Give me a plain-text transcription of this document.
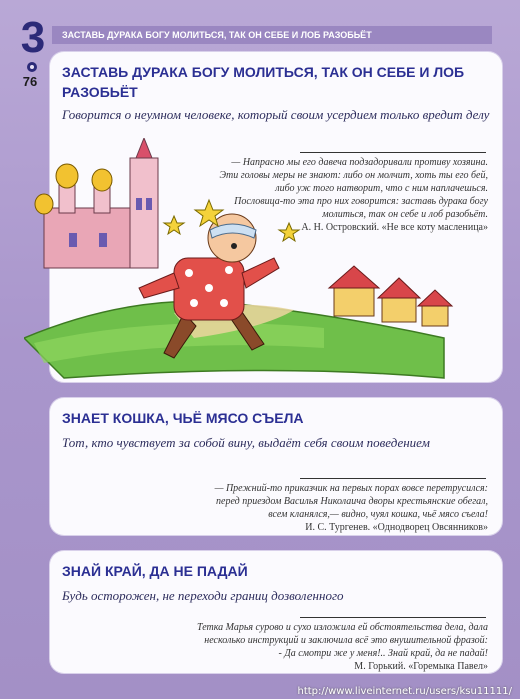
ЗАСТАВЬ ДУРАКА БОГУ МОЛИТЬСЯ, ТАК ОН СЕБЕ И ЛОБ РАЗОБЬЁТ
3
76
ЗАСТАВЬ ДУРАКА БОГУ МОЛИТЬСЯ, ТАК ОН СЕБЕ И ЛОБ РАЗОБЬЁТ

Говорится о неумном человеке, который своим усердием только вредит делу

— Напрасно мы его давеча подзадоривали противу хозяина.
Эти головы меры не знают: либо он молчит, хоть ты его бей,
либо уж того натворит, что с ним наплачешься.
Пословица-то эта про них говорится: заставь дурака богу
молиться, так он себе и лоб разобьёт.
А. Н. Островский. «Не все коту масленица»
ЗНАЕТ КОШКА, ЧЬЁ МЯСО СЪЕЛА

Тот, кто чувствует за собой вину, выдаёт себя своим поведением

— Прежний-то приказчик на первых порах вовсе перетрусился:
перед приездом Василья Николаича дворы крестьянские обегал,
всем кланялся,— видно, чуял кошка, чьё мясо съела!
И. С. Тургенев. «Однодворец Овсянников»
ЗНАЙ КРАЙ, ДА НЕ ПАДАЙ

Будь осторожен, не переходи границ дозволенного

Тетка Марья сурово и сухо изложила ей обстоятельства дела, дала
несколько инструкций и заключила всё это внушительной фразой:
- Да смотри же у меня!.. Знай край, да не падай!
М. Горький. «Горемыка Павел»
http://www.liveinternet.ru/users/ksu11111/
